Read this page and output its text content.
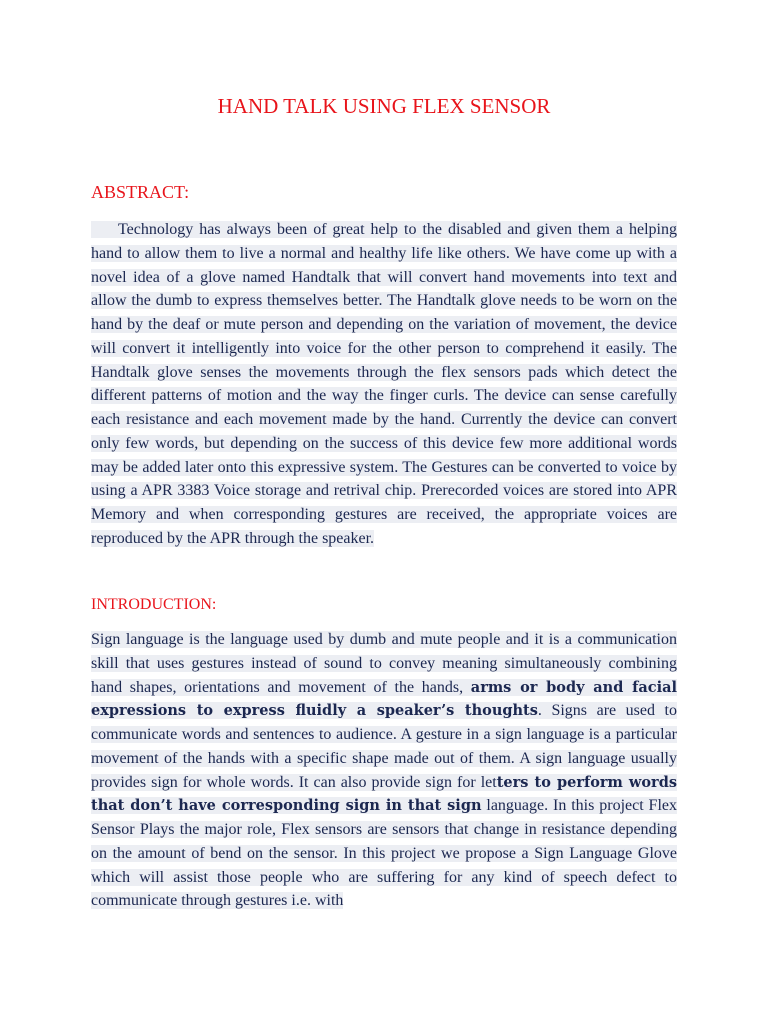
HAND TALK USING FLEX SENSOR
ABSTRACT:

Technology has always been of great help to the disabled and given them a helping hand to allow them to live a normal and healthy life like others. We have come up with a novel idea of a glove named Handtalk that will convert hand movements into text and allow the dumb to express themselves better. The Handtalk glove needs to be worn on the hand by the deaf or mute person and depending on the variation of movement, the device will convert it intelligently into voice for the other person to comprehend it easily. The Handtalk glove senses the movements through the flex sensors pads which detect the different patterns of motion and the way the finger curls. The device can sense carefully each resistance and each movement made by the hand. Currently the device can convert only few words, but depending on the success of this device few more additional words may be added later onto this expressive system. The Gestures can be converted to voice by using a APR 3383 Voice storage and retrival chip. Prerecorded voices are stored into APR Memory and when corresponding gestures are received, the appropriate voices are reproduced by the APR through the speaker.

INTRODUCTION:

Sign language is the language used by dumb and mute people and it is a communication skill that uses gestures instead of sound to convey meaning simultaneously combining hand shapes, orientations and movement of the hands, arms or body and facial expressions to express fluidly a speaker’s thoughts. Signs are used to communicate words and sentences to audience. A gesture in a sign language is a particular movement of the hands with a specific shape made out of them. A sign language usually provides sign for whole words. It can also provide sign for letters to perform words that don’t have corresponding sign in that sign language. In this project Flex Sensor Plays the major role, Flex sensors are sensors that change in resistance depending on the amount of bend on the sensor. In this project we propose a Sign Language Glove which will assist those people who are suffering for any kind of speech defect to communicate through gestures i.e. with
